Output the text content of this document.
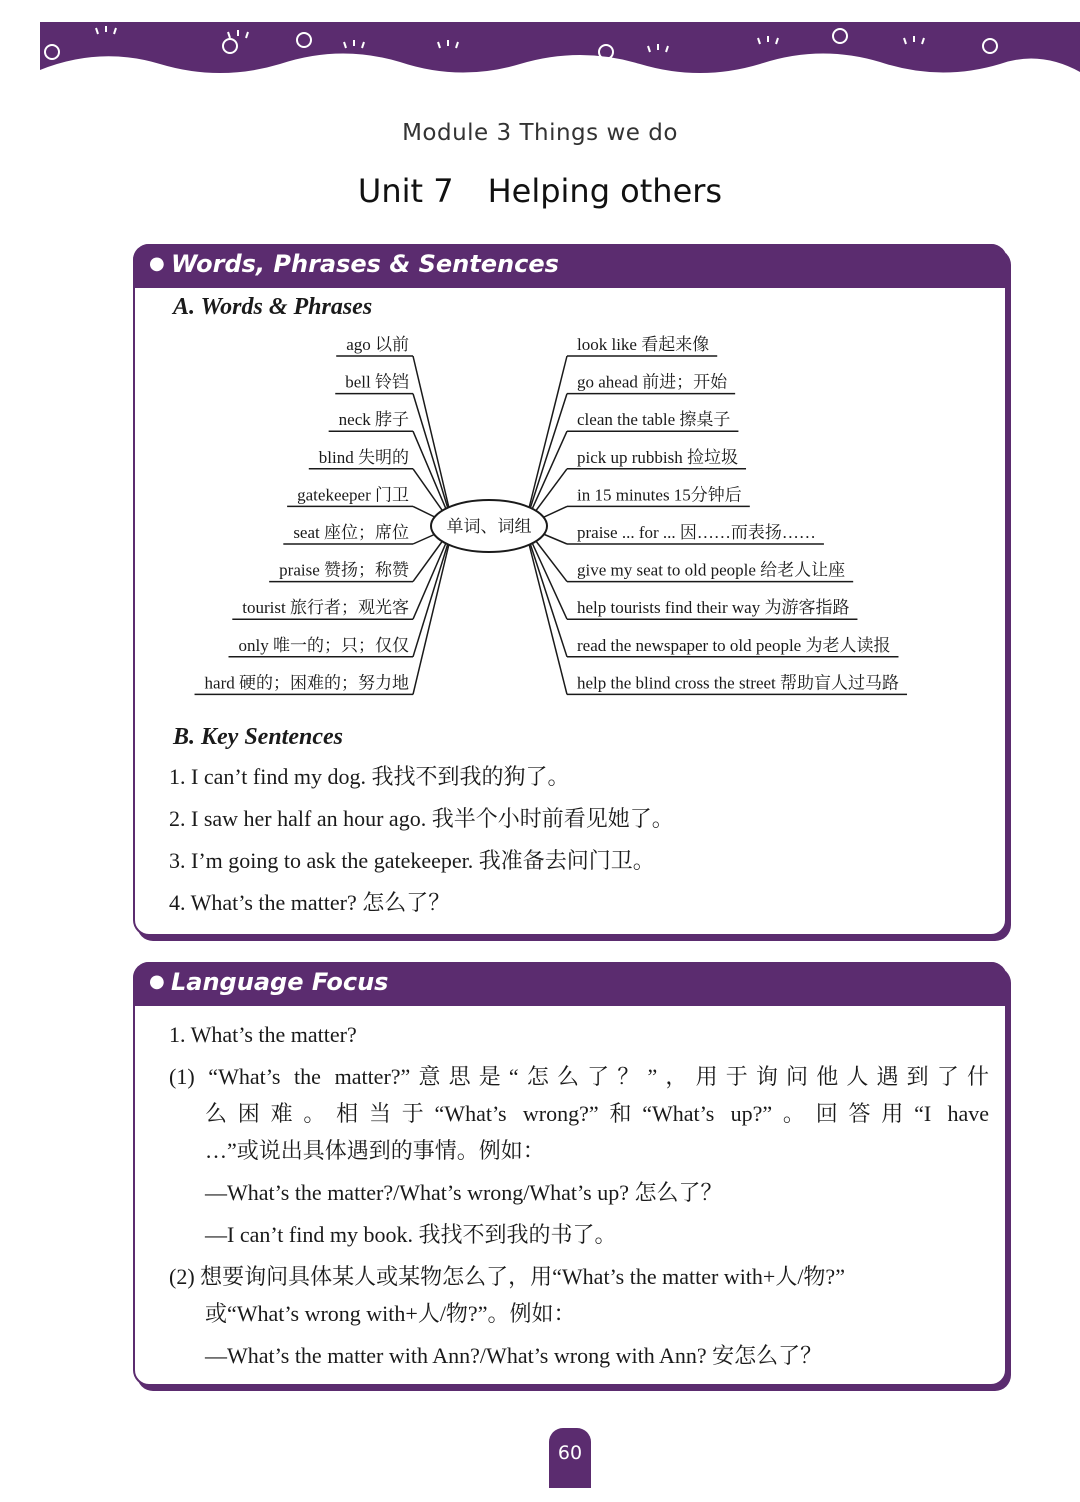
Module 3 Things we do
Unit 7 Helping others
● Words, Phrases & Sentences
A. Words & Phrases
ago 以前
bell 铃铛
neck 脖子
blind 失明的
gatekeeper 门卫
seat 座位；席位
praise 赞扬；称赞
tourist 旅行者；观光客
only 唯一的；只；仅仅
hard 硬的；困难的；努力地
look like 看起来像
go ahead 前进；开始
clean the table 擦桌子
pick up rubbish 捡垃圾
in 15 minutes 15分钟后
praise ... for ... 因……而表扬……
give my seat to old people 给老人让座
help tourists find their way 为游客指路
read the newspaper to old people 为老人读报
help the blind cross the street 帮助盲人过马路
单词、词组
B. Key Sentences
1. I can’t find my dog. 我找不到我的狗了。
2. I saw her half an hour ago. 我半个小时前看见她了。
3. I’m going to ask the gatekeeper. 我准备去问门卫。
4. What’s the matter? 怎么了？
● Language Focus
1. What’s the matter?
(1) “What’s the matter?”意思是“怎么了？”，用于询问他人遇到了什
么困难。相当于“What’s wrong?”和“What’s up?”。回答用“I have
…”或说出具体遇到的事情。例如：
—What’s the matter?/What’s wrong/What’s up? 怎么了？
—I can’t find my book. 我找不到我的书了。
(2) 想要询问具体某人或某物怎么了，用“What’s the matter with+人/物?”
或“What’s wrong with+人/物?”。例如：
—What’s the matter with Ann?/What’s wrong with Ann? 安怎么了？
60
